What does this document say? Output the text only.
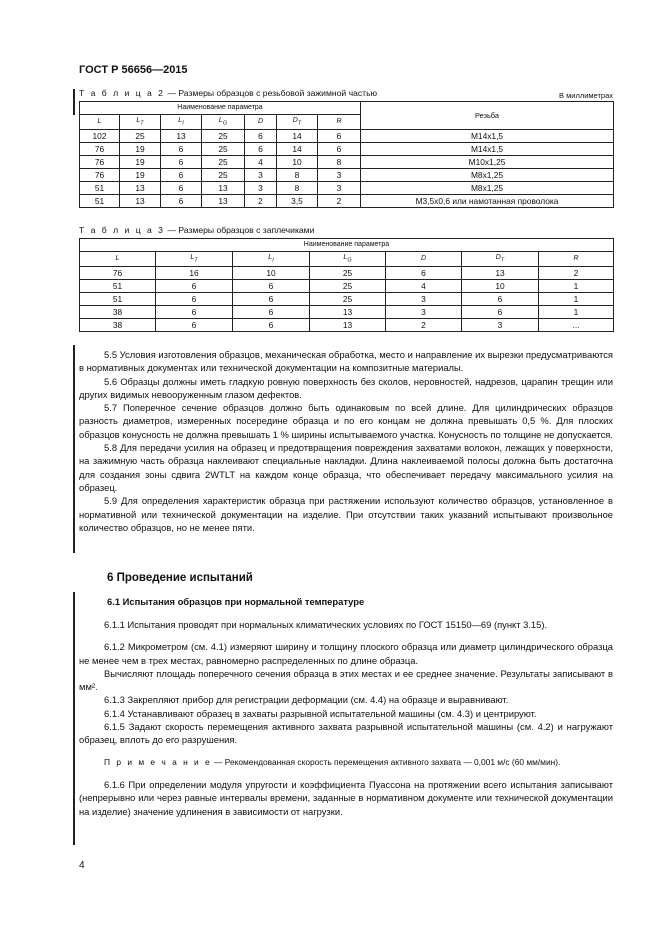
ГОСТ Р 56656—2015
Т а б л и ц а 2 — Размеры образцов с резьбовой зажимной частью	В миллиметрах
Наименование параметра							Резьба
L	$L_T$	$L_I$	$L_G$	D	$D_T$	R	
102	25	13	25	6	14	6	M14x1,5
76	19	6	25	6	14	6	M14x1,5
76	19	6	25	4	10	8	M10x1,25
76	19	6	25	3	8	3	M8x1,25
51	13	6	13	3	8	3	M8x1,25
51	13	6	13	2	3,5	2	M3,5x0,6 или намотанная проволока
Т а б л и ц а 3 — Размеры образцов с заплечиками
Наименование параметра						
L	$L_T$	$L_I$	$L_G$	D	$D_T$	R
76	16	10	25	6	13	2
51	6	6	25	4	10	1
51	6	6	25	3	6	1
38	6	6	13	3	6	1
38	6	6	13	2	3	...

5.5 Условия изготовления образцов, механическая обработка, место и направление их вырезки предусматриваются в нормативных документах или технической документации на композитные материалы.

5.6 Образцы должны иметь гладкую ровную поверхность без сколов, неровностей, надрезов, царапин трещин или других видимых невооруженным глазом дефектов.

5.7 Поперечное сечение образцов должно быть одинаковым по всей длине. Для цилиндрических образцов разность диаметров, измеренных посередине образца и по его концам не должна превышать 0,5 %. Для плоских образцов конусность не должна превышать 1 % ширины испытываемого участка. Конусность по толщине не допускается.

5.8 Для передачи усилия на образец и предотвращения повреждения захватами волокон, лежащих у поверхности, на зажимную часть образца наклеивают специальные накладки. Длина наклеиваемой полосы должна быть достаточна для создания зоны сдвига 2WTLT на каждом конце образца, что обеспечивает передачу максимального усилия на образец.

5.9 Для определения характеристик образца при растяжении используют количество образцов, установленное в нормативной или технической документации на изделие. При отсутствии таких указаний испытывают произвольное количество образцов, но не менее пяти.

6 Проведение испытаний
6.1 Испытания образцов при нормальной температуре

6.1.1 Испытания проводят при нормальных климатических условиях по ГОСТ 15150—69 (пункт 3.15).

6.1.2 Микрометром (см. 4.1) измеряют ширину и толщину плоского образца или диаметр цилиндрического образца не менее чем в трех местах, равномерно распределенных по длине образца.

Вычисляют площадь поперечного сечения образца в этих местах и ее среднее значение. Результаты записывают в мм².

6.1.3 Закрепляют прибор для регистрации деформации (см. 4.4) на образце и выравнивают.

6.1.4 Устанавливают образец в захваты разрывной испытательной машины (см. 4.3) и центрируют.

6.1.5 Задают скорость перемещения активного захвата разрывной испытательной машины (см. 4.2) и нагружают образец, вплоть до его разрушения.

П р и м е ч а н и е — Рекомендованная скорость перемещения активного захвата — 0,001 м/с (60 мм/мин).

6.1.6 При определении модуля упругости и коэффициента Пуассона на протяжении всего испытания записывают (непрерывно или через равные интервалы времени, заданные в нормативном документе или технической документации на изделие) значение удлинения в зависимости от нагрузки.

4
